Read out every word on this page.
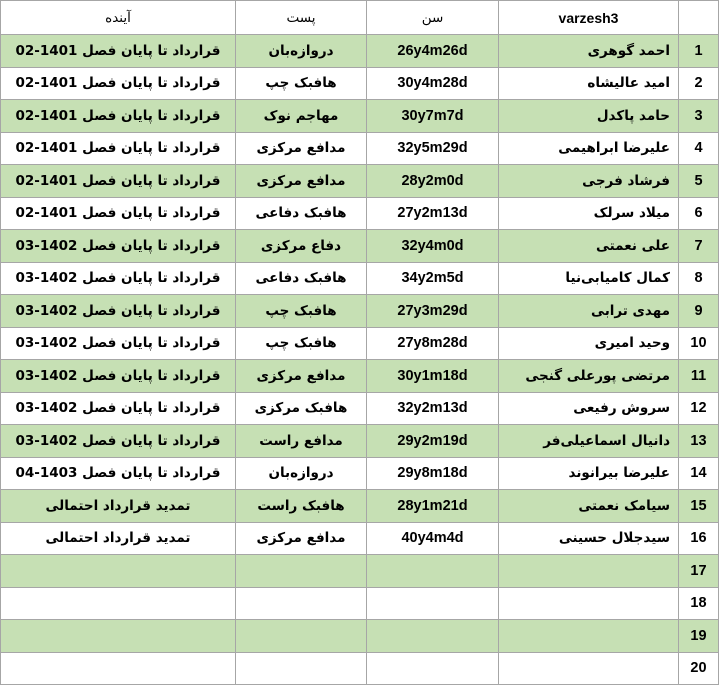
آینده	پست	سن	varzesh3	
قرارداد تا پایان فصل 1401-02	دروازه‌بان	26y4m26d	احمد گوهری	1
قرارداد تا پایان فصل 1401-02	هافبک چپ	30y4m28d	امید عالیشاه	2
قرارداد تا پایان فصل 1401-02	مهاجم نوک	30y7m7d	حامد پاکدل	3
قرارداد تا پایان فصل 1401-02	مدافع مرکزی	32y5m29d	علیرضا ابراهیمی	4
قرارداد تا پایان فصل 1401-02	مدافع مرکزی	28y2m0d	فرشاد فرجی	5
قرارداد تا پایان فصل 1401-02	هافبک دفاعی	27y2m13d	میلاد سرلک	6
قرارداد تا پایان فصل 1402-03	دفاع مرکزی	32y4m0d	علی نعمتی	7
قرارداد تا پایان فصل 1402-03	هافبک دفاعی	34y2m5d	کمال کامیابی‌نیا	8
قرارداد تا پایان فصل 1402-03	هافبک چپ	27y3m29d	مهدی ترابی	9
قرارداد تا پایان فصل 1402-03	هافبک چپ	27y8m28d	وحید امیری	10
قرارداد تا پایان فصل 1402-03	مدافع مرکزی	30y1m18d	مرتضی پورعلی گنجی	11
قرارداد تا پایان فصل 1402-03	هافبک مرکزی	32y2m13d	سروش رفیعی	12
قرارداد تا پایان فصل 1402-03	مدافع راست	29y2m19d	دانیال اسماعیلی‌فر	13
قرارداد تا پایان فصل 1403-04	دروازه‌بان	29y8m18d	علیرضا بیرانوند	14
تمدید قرارداد احتمالی	هافبک راست	28y1m21d	سیامک نعمتی	15
تمدید قرارداد احتمالی	مدافع مرکزی	40y4m4d	سیدجلال حسینی	16
				17
				18
				19
				20
